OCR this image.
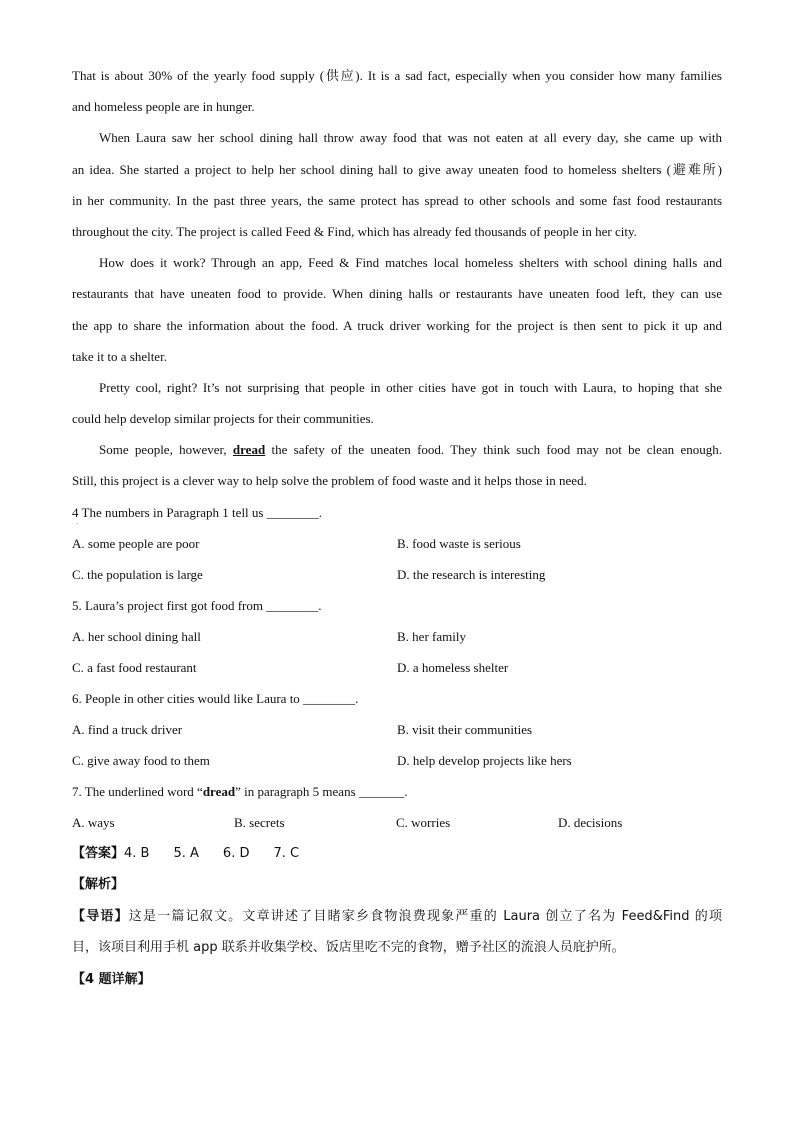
That is about 30% of the yearly food supply (供应). It is a sad fact, especially when you consider how many families
and homeless people are in hunger.
When Laura saw her school dining hall throw away food that was not eaten at all every day, she came up with
an idea. She started a project to help her school dining hall to give away uneaten food to homeless shelters (避难所)
in her community. In the past three years, the same protect has spread to other schools and some fast food restaurants
throughout the city. The project is called Feed & Find, which has already fed thousands of people in her city.
How does it work? Through an app, Feed & Find matches local homeless shelters with school dining halls and
restaurants that have uneaten food to provide. When dining halls or restaurants have uneaten food left, they can use
the app to share the information about the food. A truck driver working for the project is then sent to pick it up and
take it to a shelter.
Pretty cool, right? It’s not surprising that people in other cities have got in touch with Laura, to hoping that she
could help develop similar projects for their communities.
Some people, however, dread the safety of the uneaten food. They think such food may not be clean enough.
Still, this project is a clever way to help solve the problem of food waste and it helps those in need.
4 The numbers in Paragraph 1 tell us ________.
·
A. some people are poor	B. food waste is serious
C. the population is large	D. the research is interesting
5. Laura’s project first got food from ________.
A. her school dining hall	B. her family
C. a fast food restaurant	D. a homeless shelter
6. People in other cities would like Laura to ________.
A. find a truck driver	B. visit their communities
C. give away food to them	D. help develop projects like hers
7. The underlined word “dread” in paragraph 5 means _______.
A. ways	B. secrets	C. worries	D. decisions
【答案】4. B 5. A 6. D 7. C
【解析】
【导语】这是一篇记叙文。文章讲述了目睹家乡食物浪费现象严重的 Laura 创立了名为 Feed&Find 的项
目，该项目利用手机 app 联系并收集学校、饭店里吃不完的食物，赠予社区的流浪人员庇护所。
【4 题详解】
